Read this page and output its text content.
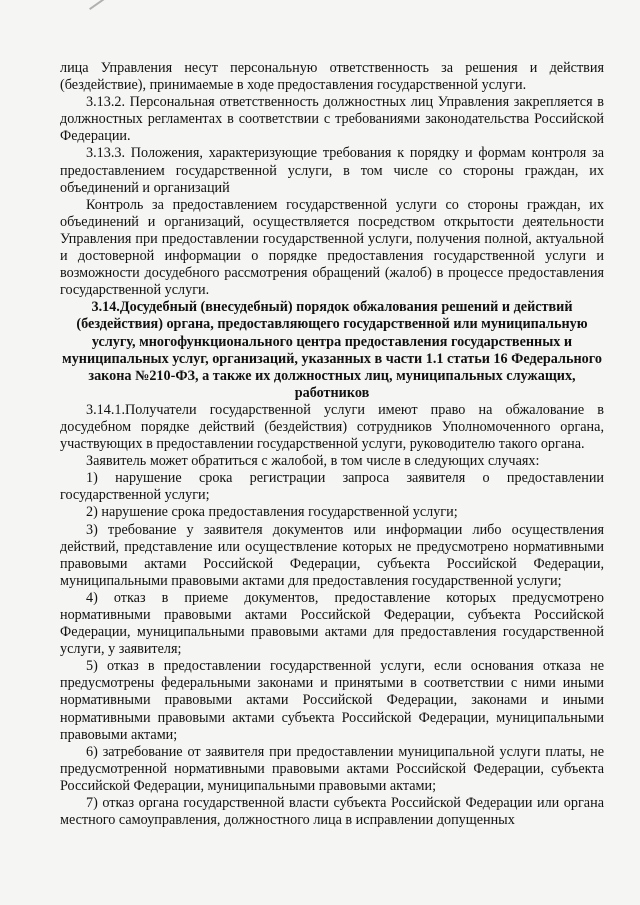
лица Управления несут персональную ответственность за решения и действия (бездействие), принимаемые в ходе предоставления государственной услуги.

3.13.2. Персональная ответственность должностных лиц Управления закрепляется в должностных регламентах в соответствии с требованиями законодательства Российской Федерации.

3.13.3. Положения, характеризующие требования к порядку и формам контроля за предоставлением государственной услуги, в том числе со стороны граждан, их объединений и организаций

Контроль за предоставлением государственной услуги со стороны граждан, их объединений и организаций, осуществляется посредством открытости деятельности Управления при предоставлении государственной услуги, получения полной, актуальной и достоверной информации о порядке предоставления государственной услуги и возможности досудебного рассмотрения обращений (жалоб) в процессе предоставления государственной услуги.

3.14.Досудебный (внесудебный) порядок обжалования решений и действий (бездействия) органа, предоставляющего государственной или муниципальную услугу, многофункционального центра предоставления государственных и муниципальных услуг, организаций, указанных в части 1.1 статьи 16 Федерального закона №210-ФЗ, а также их должностных лиц, муниципальных служащих, работников

3.14.1.Получатели государственной услуги имеют право на обжалование в досудебном порядке действий (бездействия) сотрудников Уполномоченного органа, участвующих в предоставлении государственной услуги, руководителю такого органа.

Заявитель может обратиться с жалобой, в том числе в следующих случаях:

1) нарушение срока регистрации запроса заявителя о предоставлении государственной услуги;

2) нарушение срока предоставления государственной услуги;

3) требование у заявителя документов или информации либо осуществления действий, представление или осуществление которых не предусмотрено нормативными правовыми актами Российской Федерации, субъекта Российской Федерации, муниципальными правовыми актами для предоставления государственной услуги;

4) отказ в приеме документов, предоставление которых предусмотрено нормативными правовыми актами Российской Федерации, субъекта Российской Федерации, муниципальными правовыми актами для предоставления государственной услуги, у заявителя;

5) отказ в предоставлении государственной услуги, если основания отказа не предусмотрены федеральными законами и принятыми в соответствии с ними иными нормативными правовыми актами Российской Федерации, законами и иными нормативными правовыми актами субъекта Российской Федерации, муниципальными правовыми актами;

6) затребование от заявителя при предоставлении муниципальной услуги платы, не предусмотренной нормативными правовыми актами Российской Федерации, субъекта Российской Федерации, муниципальными правовыми актами;

7) отказ органа государственной власти субъекта Российской Федерации или органа местного самоуправления, должностного лица в исправлении допущенных
